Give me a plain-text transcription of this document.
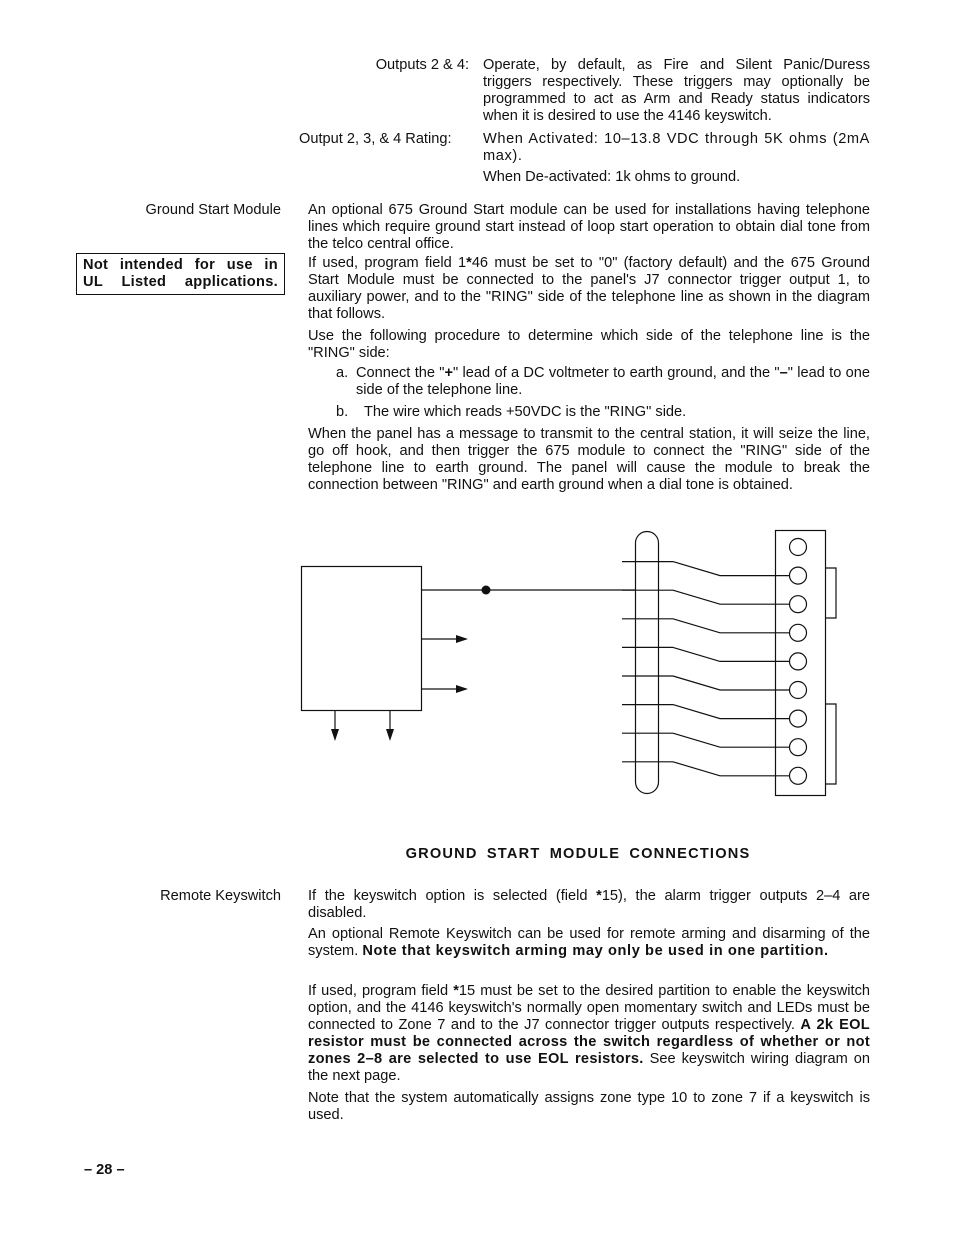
Outputs 2 & 4: Operate, by default, as Fire and Silent Panic/Duress triggers respectively. These triggers may optionally be programmed to act as Arm and Ready status indicators when it is desired to use the 4146 keyswitch.

Output 2, 3, & 4 Rating: When Activated: 10–13.8 VDC through 5K ohms (2mA max).

When De-activated: 1k ohms to ground.
Ground Start Module
Not intended for use in
UL Listed applications.

An optional 675 Ground Start module can be used for installations having telephone lines which require ground start instead of loop start operation to obtain dial tone from the telco central office.

If used, program field 1*46 must be set to "0" (factory default) and the 675 Ground Start Module must be connected to the panel's J7 connector trigger output 1, to auxiliary power, and to the "RING" side of the telephone line as shown in the diagram that follows.

Use the following procedure to determine which side of the telephone line is the "RING" side:

a. Connect the "+" lead of a DC voltmeter to earth ground, and the "–" lead to one side of the telephone line.

b. The wire which reads +50VDC is the "RING" side.

When the panel has a message to transmit to the central station, it will seize the line, go off hook, and then trigger the 675 module to connect the "RING" side of the telephone line to earth ground. The panel will cause the module to break the connection between "RING" and earth ground when a dial tone is obtained.

GROUND START MODULE CONNECTIONS
Remote Keyswitch If the keyswitch option is selected (field *15), the alarm trigger outputs 2–4 are disabled.

An optional Remote Keyswitch can be used for remote arming and disarming of the system. Note that keyswitch arming may only be used in one partition.

If used, program field *15 must be set to the desired partition to enable the keyswitch option, and the 4146 keyswitch's normally open momentary switch and LEDs must be connected to Zone 7 and to the J7 connector trigger outputs respectively. A 2k EOL resistor must be connected across the switch regardless of whether or not zones 2–8 are selected to use EOL resistors. See keyswitch wiring diagram on the next page.

Note that the system automatically assigns zone type 10 to zone 7 if a keyswitch is used.

– 28 –
